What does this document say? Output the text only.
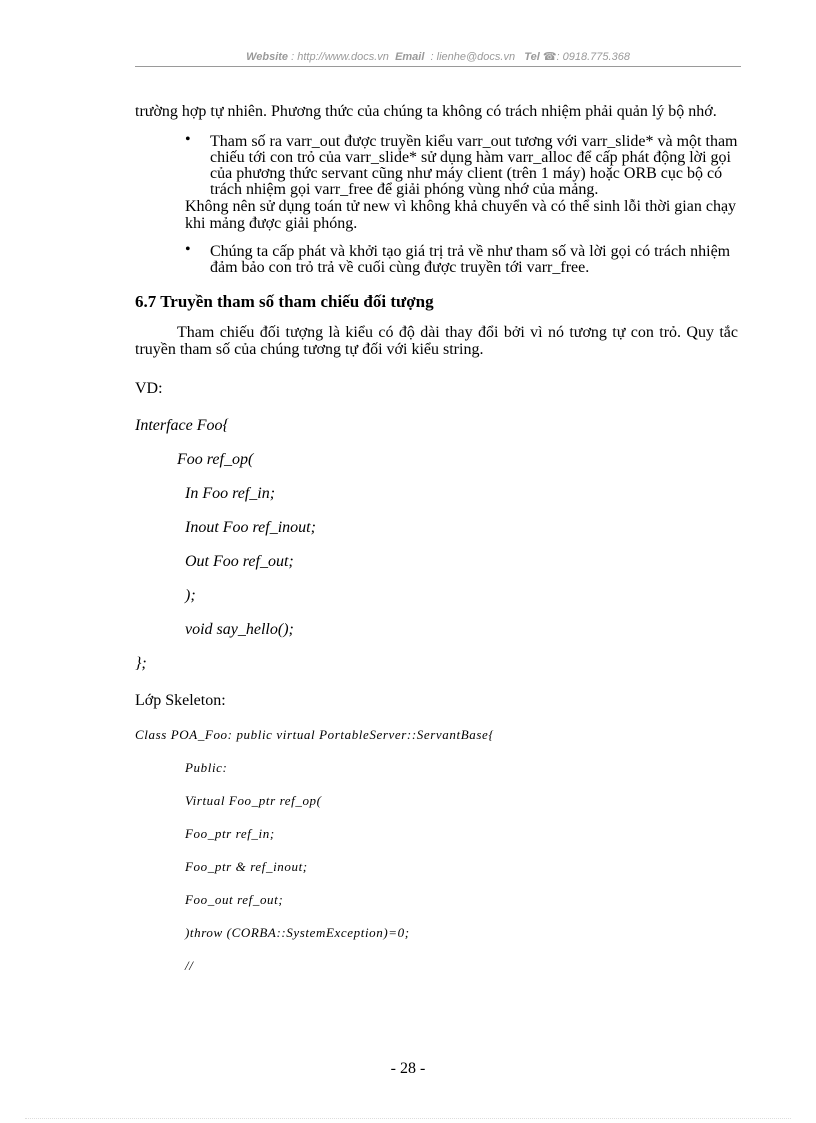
Website : http://www.docs.vn Email : lienhe@docs.vn Tel ☎: 0918.775.368

trường hợp tự nhiên. Phương thức của chúng ta không có trách nhiệm phải quản lý bộ nhớ.

• Tham số ra varr_out được truyền kiểu varr_out tương với varr_slide* và một tham chiếu tới con trỏ của varr_slide* sử dụng hàm varr_alloc để cấp phát động lời gọi của phương thức servant cũng như máy client (trên 1 máy) hoặc ORB cục bộ có trách nhiệm gọi varr_free để giải phóng vùng nhớ của mảng.

Không nên sử dụng toán tử new vì không khả chuyển và có thể sinh lỗi thời gian chạy khi mảng được giải phóng.

• Chúng ta cấp phát và khởi tạo giá trị trả về như tham số và lời gọi có trách nhiệm đảm bảo con trỏ trả về cuối cùng được truyền tới varr_free.
6.7 Truyền tham số tham chiếu đối tượng

Tham chiếu đối tượng là kiểu có độ dài thay đổi bởi vì nó tương tự con trỏ. Quy tắc truyền tham số của chúng tương tự đối với kiểu string.

VD:

Interface Foo{
Foo ref_op(
In Foo ref_in;
Inout Foo ref_inout;
Out Foo ref_out;
);
void say_hello();
};

Lớp Skeleton:

Class POA_Foo: public virtual PortableServer::ServantBase{
Public:
Virtual Foo_ptr ref_op(
Foo_ptr ref_in;
Foo_ptr & ref_inout;
Foo_out ref_out;
)throw (CORBA::SystemException)=0;
//
- 28 -
